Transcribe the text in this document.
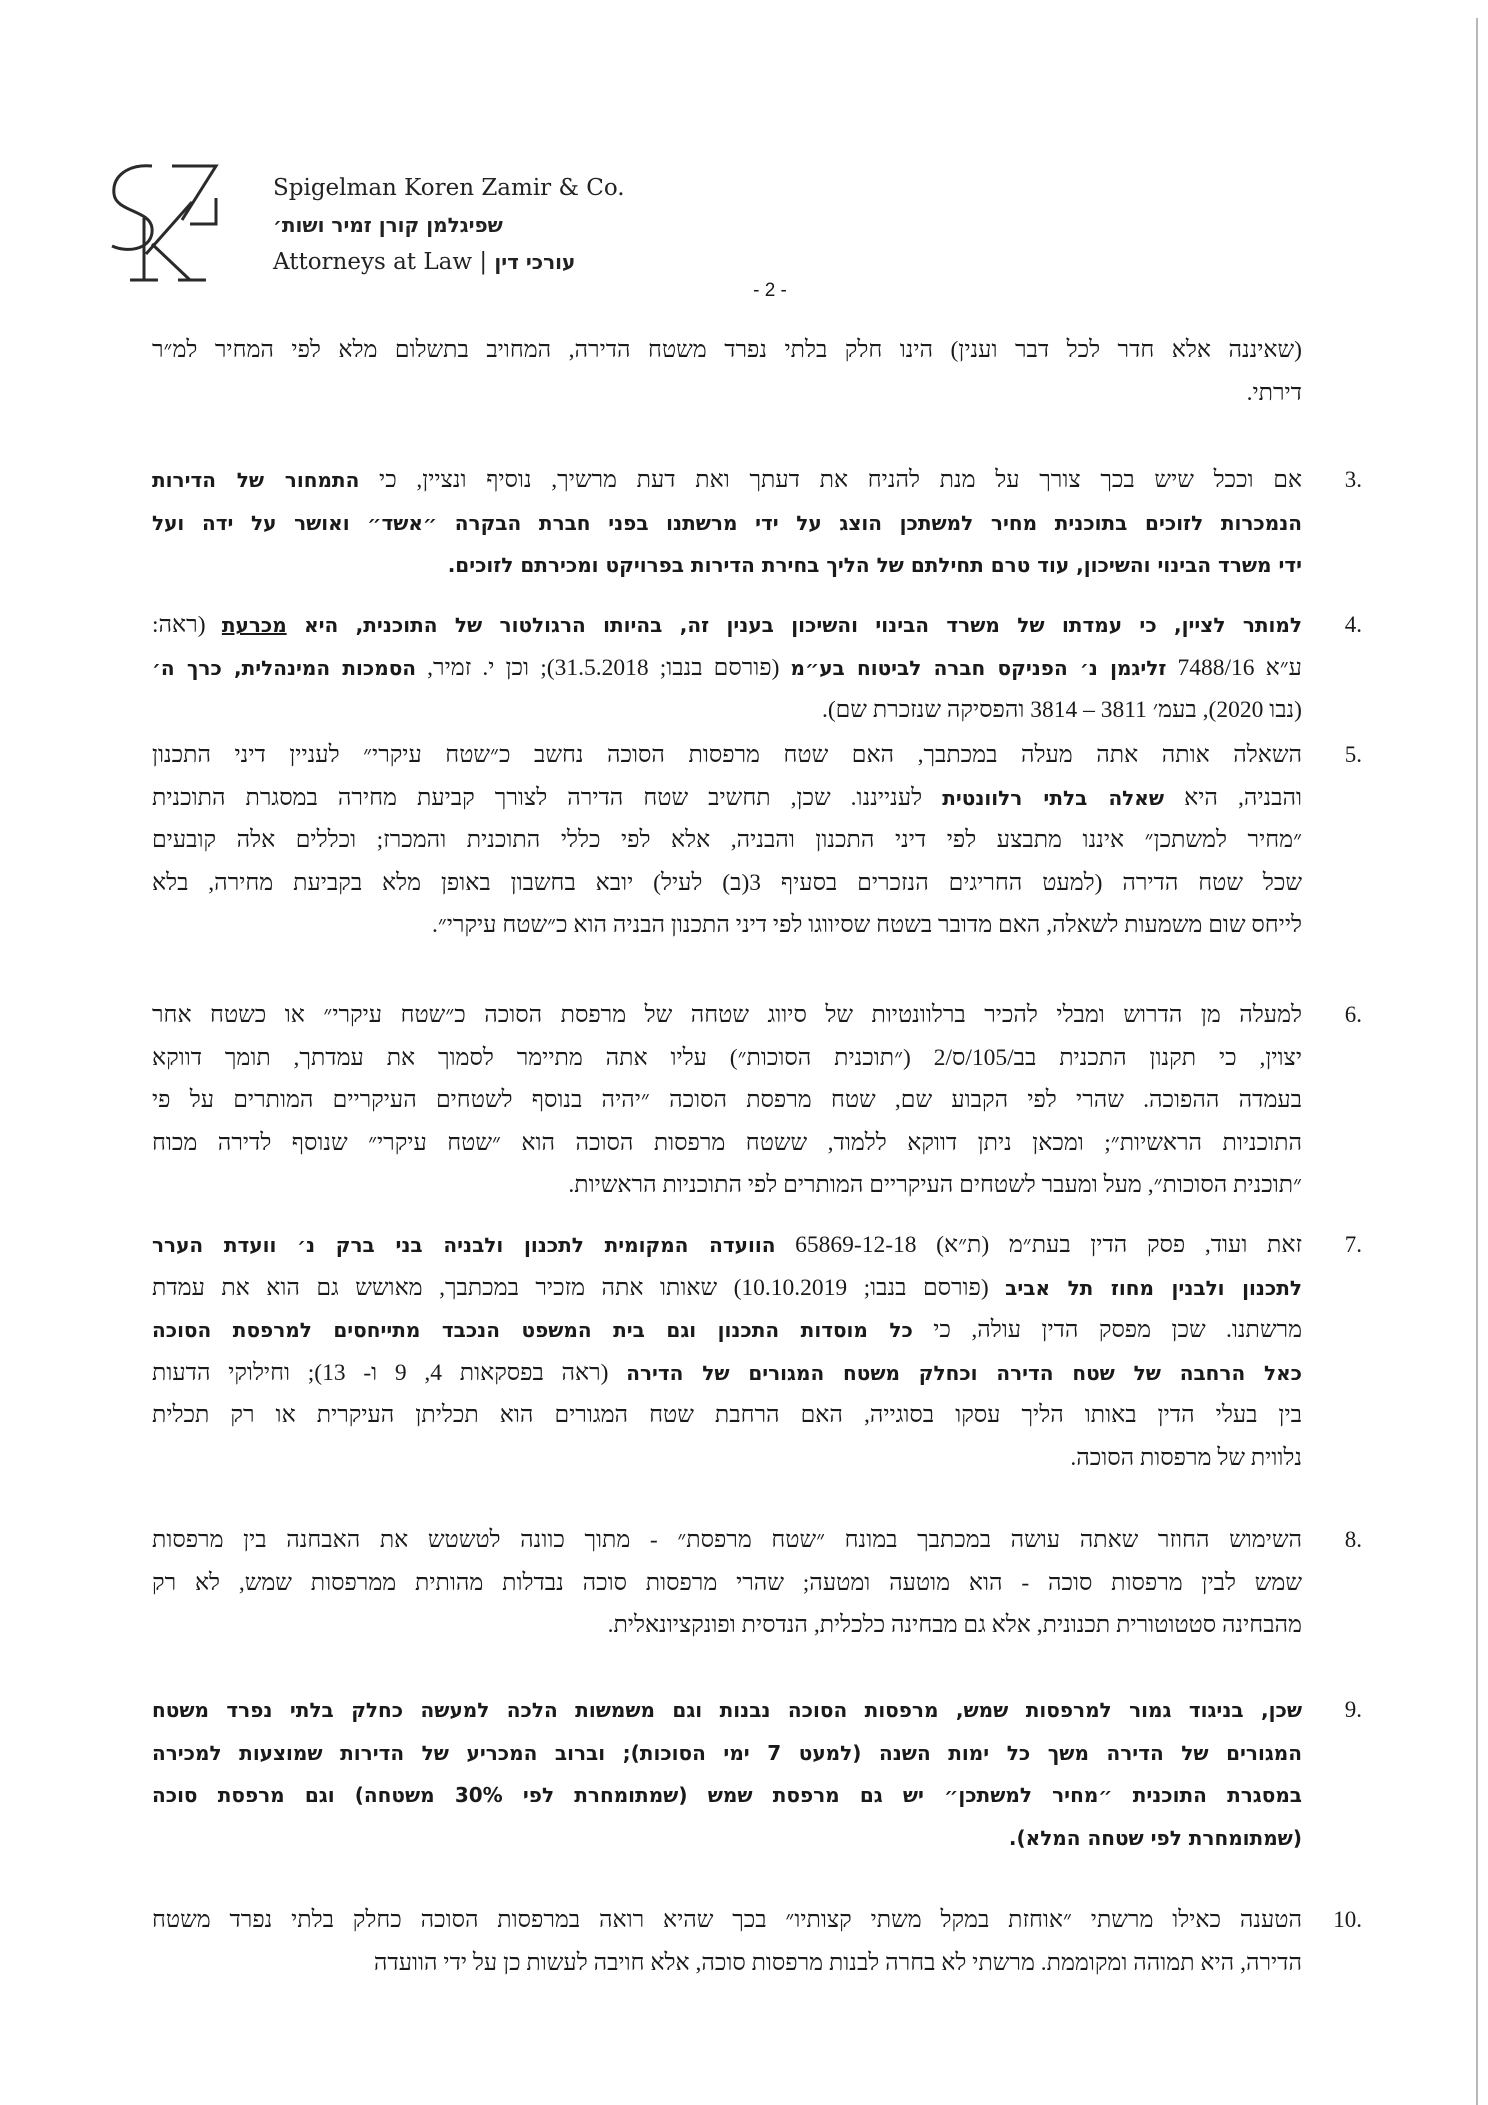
Spigelman Koren Zamir & Co.
שפיגלמן קורן זמיר ושות׳
Attorneys at Law | עורכי דין
- 2 -
(שאיננה אלא חדר לכל דבר וענין) הינו חלק בלתי נפרד משטח הדירה, המחויב בתשלום מלא לפי המחיר למ״ר
דירתי.
3.
אם וככל שיש בכך צורך על מנת להניח את דעתך ואת דעת מרשיך, נוסיף ונציין, כי התמחור של הדירות
הנמכרות לזוכים בתוכנית מחיר למשתכן הוצג על ידי מרשתנו בפני חברת הבקרה ״אשד״ ואושר על ידה ועל
ידי משרד הבינוי והשיכון, עוד טרם תחילתם של הליך בחירת הדירות בפרויקט ומכירתם לזוכים.
4.
למותר לציין, כי עמדתו של משרד הבינוי והשיכון בענין זה, בהיותו הרגולטור של התוכנית, היא מכרעת (ראה:
ע״א 7488/16 זליגמן נ׳ הפניקס חברה לביטוח בע״מ (פורסם בנבו; 31.5.2018); וכן י. זמיר, הסמכות המינהלית, כרך ה׳
(נבו 2020), בעמ׳ 3811 – 3814 והפסיקה שנזכרת שם).
5.
השאלה אותה אתה מעלה במכתבך, האם שטח מרפסות הסוכה נחשב כ״שטח עיקרי״ לעניין דיני התכנון
והבניה, היא שאלה בלתי רלוונטית לענייננו. שכן, תחשיב שטח הדירה לצורך קביעת מחירה במסגרת התוכנית
״מחיר למשתכן״ איננו מתבצע לפי דיני התכנון והבניה, אלא לפי כללי התוכנית והמכרז; וכללים אלה קובעים
שכל שטח הדירה (למעט החריגים הנזכרים בסעיף 3(ב) לעיל) יובא בחשבון באופן מלא בקביעת מחירה, בלא
לייחס שום משמעות לשאלה, האם מדובר בשטח שסיווגו לפי דיני התכנון הבניה הוא כ״שטח עיקרי״.
6.
למעלה מן הדרוש ומבלי להכיר ברלוונטיות של סיווג שטחה של מרפסת הסוכה כ״שטח עיקרי״ או כשטח אחר
יצוין, כי תקנון התכנית בב/105/ס/2 (״תוכנית הסוכות״) עליו אתה מתיימר לסמוך את עמדתך, תומך דווקא
בעמדה ההפוכה. שהרי לפי הקבוע שם, שטח מרפסת הסוכה ״יהיה בנוסף לשטחים העיקריים המותרים על פי
התוכניות הראשיות״; ומכאן ניתן דווקא ללמוד, ששטח מרפסות הסוכה הוא ״שטח עיקרי״ שנוסף לדירה מכוח
״תוכנית הסוכות״, מעל ומעבר לשטחים העיקריים המותרים לפי התוכניות הראשיות.
7.
זאת ועוד, פסק הדין בעת״מ (ת״א) 65869-12-18 הוועדה המקומית לתכנון ולבניה בני ברק נ׳ וועדת הערר
לתכנון ולבנין מחוז תל אביב (פורסם בנבו; 10.10.2019) שאותו אתה מזכיר במכתבך, מאושש גם הוא את עמדת
מרשתנו. שכן מפסק הדין עולה, כי כל מוסדות התכנון וגם בית המשפט הנכבד מתייחסים למרפסת הסוכה
כאל הרחבה של שטח הדירה וכחלק משטח המגורים של הדירה (ראה בפסקאות 4, 9 ו- 13); וחילוקי הדעות
בין בעלי הדין באותו הליך עסקו בסוגייה, האם הרחבת שטח המגורים הוא תכליתן העיקרית או רק תכלית
נלווית של מרפסות הסוכה.
8.
השימוש החוזר שאתה עושה במכתבך במונח ״שטח מרפסת״ - מתוך כוונה לטשטש את האבחנה בין מרפסות
שמש לבין מרפסות סוכה - הוא מוטעה ומטעה; שהרי מרפסות סוכה נבדלות מהותית ממרפסות שמש, לא רק
מהבחינה סטטוטורית תכנונית, אלא גם מבחינה כלכלית, הנדסית ופונקציונאלית.
9.
שכן, בניגוד גמור למרפסות שמש, מרפסות הסוכה נבנות וגם משמשות הלכה למעשה כחלק בלתי נפרד משטח
המגורים של הדירה משך כל ימות השנה (למעט 7 ימי הסוכות); וברוב המכריע של הדירות שמוצעות למכירה
במסגרת התוכנית ״מחיר למשתכן״ יש גם מרפסת שמש (שמתומחרת לפי 30% משטחה) וגם מרפסת סוכה
(שמתומחרת לפי שטחה המלא).
10.
הטענה כאילו מרשתי ״אוחזת במקל משתי קצותיו״ בכך שהיא רואה במרפסות הסוכה כחלק בלתי נפרד משטח
הדירה, היא תמוהה ומקוממת. מרשתי לא בחרה לבנות מרפסות סוכה, אלא חויבה לעשות כן על ידי הוועדה
